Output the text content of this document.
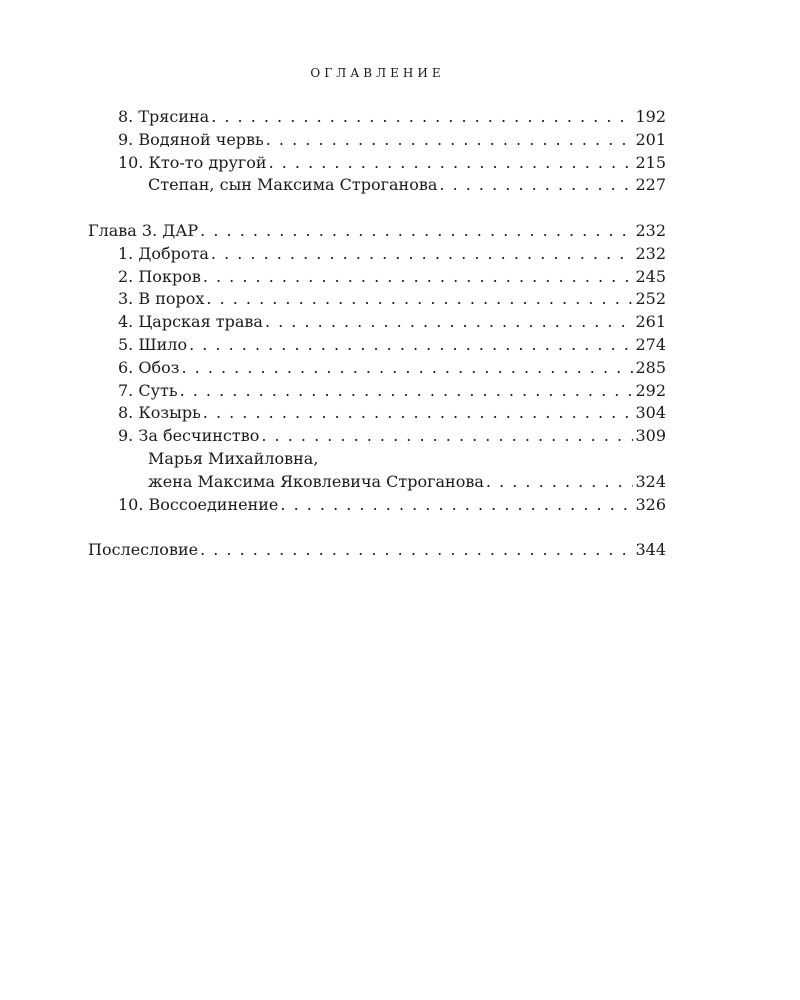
ОГЛАВЛЕНИЕ
8. Трясина . . .	192
9. Водяной червь . . .	201
10. Кто-то другой . . .	215
Степан, сын Максима Строганова . . .	227
Глава 3. ДАР . . .	232
1. Доброта . . .	232
2. Покров . . .	245
3. В порох . . .	252
4. Царская трава . . .	261
5. Шило . . .	274
6. Обоз . . .	285
7. Суть . . .	292
8. Козырь . . .	304
9. За бесчинство . . .	309
Марья Михайловна,
жена Максима Яковлевича Строганова . . .	324
10. Воссоединение . . .	326
Послесловие . . .	344
